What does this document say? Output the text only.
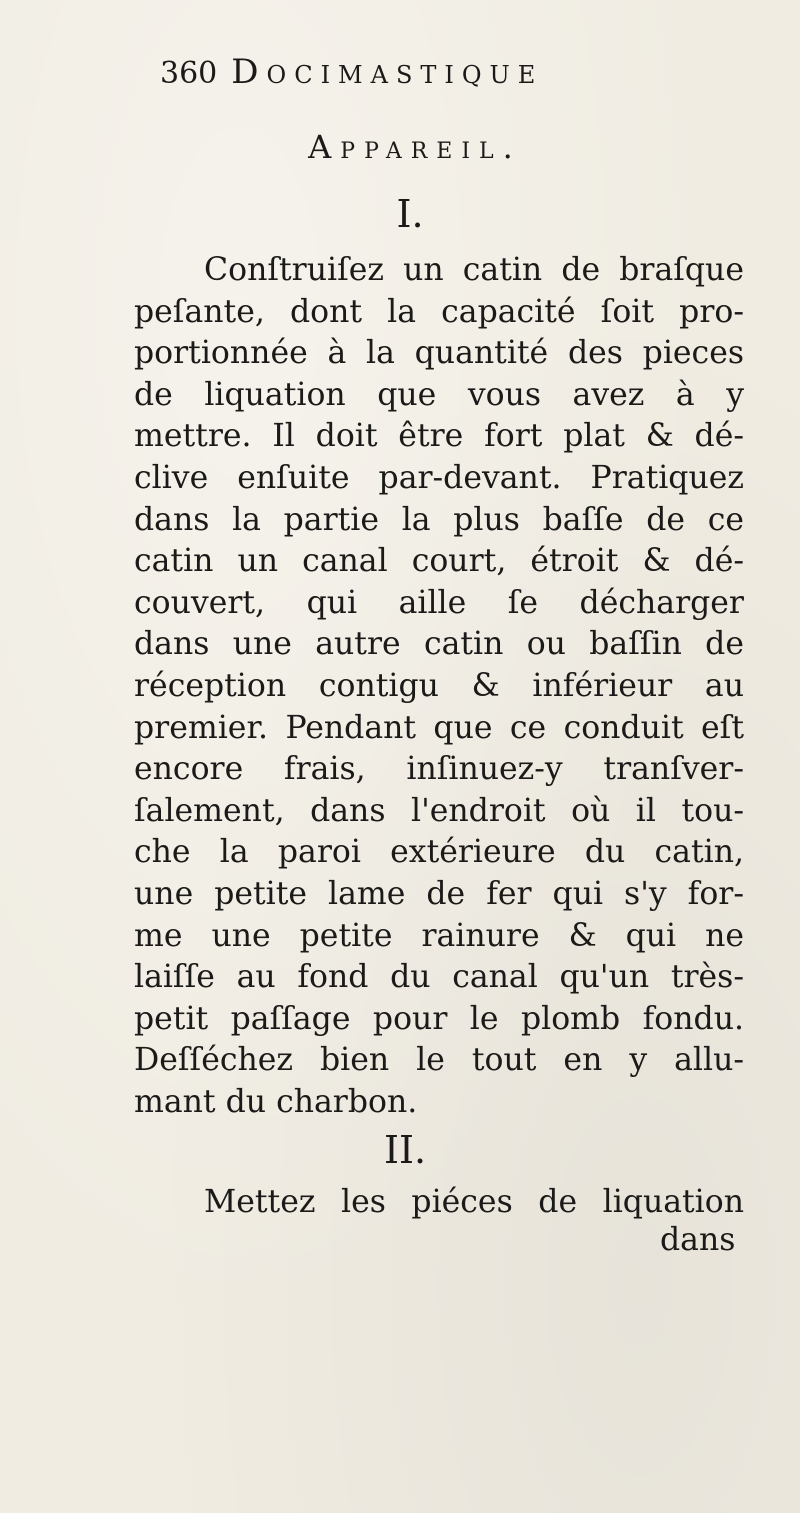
360 Docimastique
Appareil.
I.
Conſtruiſez un catin de braſque
peſante, dont la capacité ſoit pro-
portionnée à la quantité des pieces
de liquation que vous avez à y
mettre. Il doit être fort plat & dé-
clive enſuite par-devant. Pratiquez
dans la partie la plus baſſe de ce
catin un canal court, étroit & dé-
couvert, qui aille ſe décharger
dans une autre catin ou baſſin de
réception contigu & inférieur au
premier. Pendant que ce conduit eſt
encore frais, inſinuez-y tranſver-
ſalement, dans l'endroit où il tou-
che la paroi extérieure du catin,
une petite lame de fer qui s'y for-
me une petite rainure & qui ne
laiſſe au fond du canal qu'un très-
petit paſſage pour le plomb fondu.
Deſſéchez bien le tout en y allu-
mant du charbon.
II.
Mettez les piéces de liquation
dans
